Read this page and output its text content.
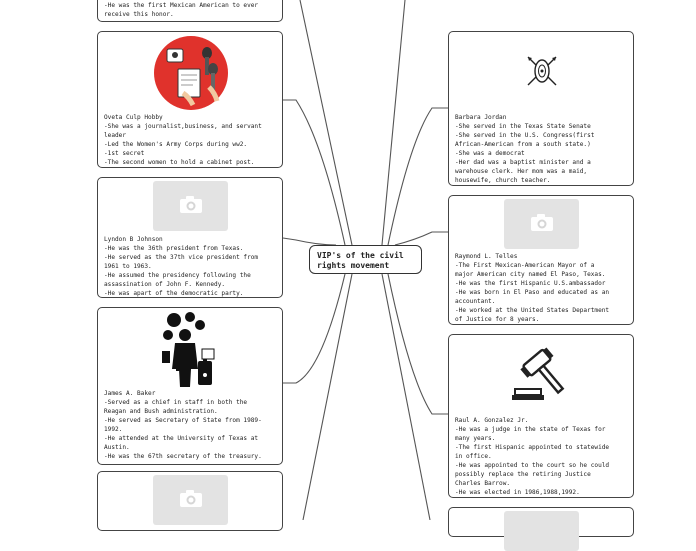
-He was the first Mexican American to ever
receive this honor.
Oveta Culp Hobby
-She was a journalist,business, and servant
leader
-Led the Women's Army Corps during ww2.
-1st secret
-The second women to hold a cabinet post.
Lyndon B Johnson
-He was the 36th president from Texas.
-He served as the 37th vice president from
1961 to 1963.
-He assumed the presidency following the
assassination of John F. Kennedy.
-He was apart of the democratic party.
James A. Baker
-Served as a chief in staff in both the
Reagan and Bush administration.
-He served as Secretary of State from 1989-
1992.
-He attended at the University of Texas at
Austin.
-He was the 67th secretary of the treasury.
VIP's of the civil
rights movement
Barbara Jordan
-She served in the Texas State Senate
-She served in the U.S. Congress(first
African-American from a south state.)
-She was a democrat
-Her dad was a baptist minister and a
warehouse clerk. Her mom was a maid,
housewife, church teacher.
Raymond L. Telles
-The First Mexican-American Mayor of a
major American city named El Paso, Texas.
-He was the first Hispanic U.S.ambassador
-He was born in El Paso and educated as an
accountant.
-He worked at the United States Department
of Justice for 8 years.
Raul A. Gonzalez Jr.
-He was a judge in the state of Texas for
many years.
-The first Hispanic appointed to statewide
in office.
-He was appointed to the court so he could
possibly replace the retiring Justice
Charles Barrow.
-He was elected in 1986,1988,1992.
